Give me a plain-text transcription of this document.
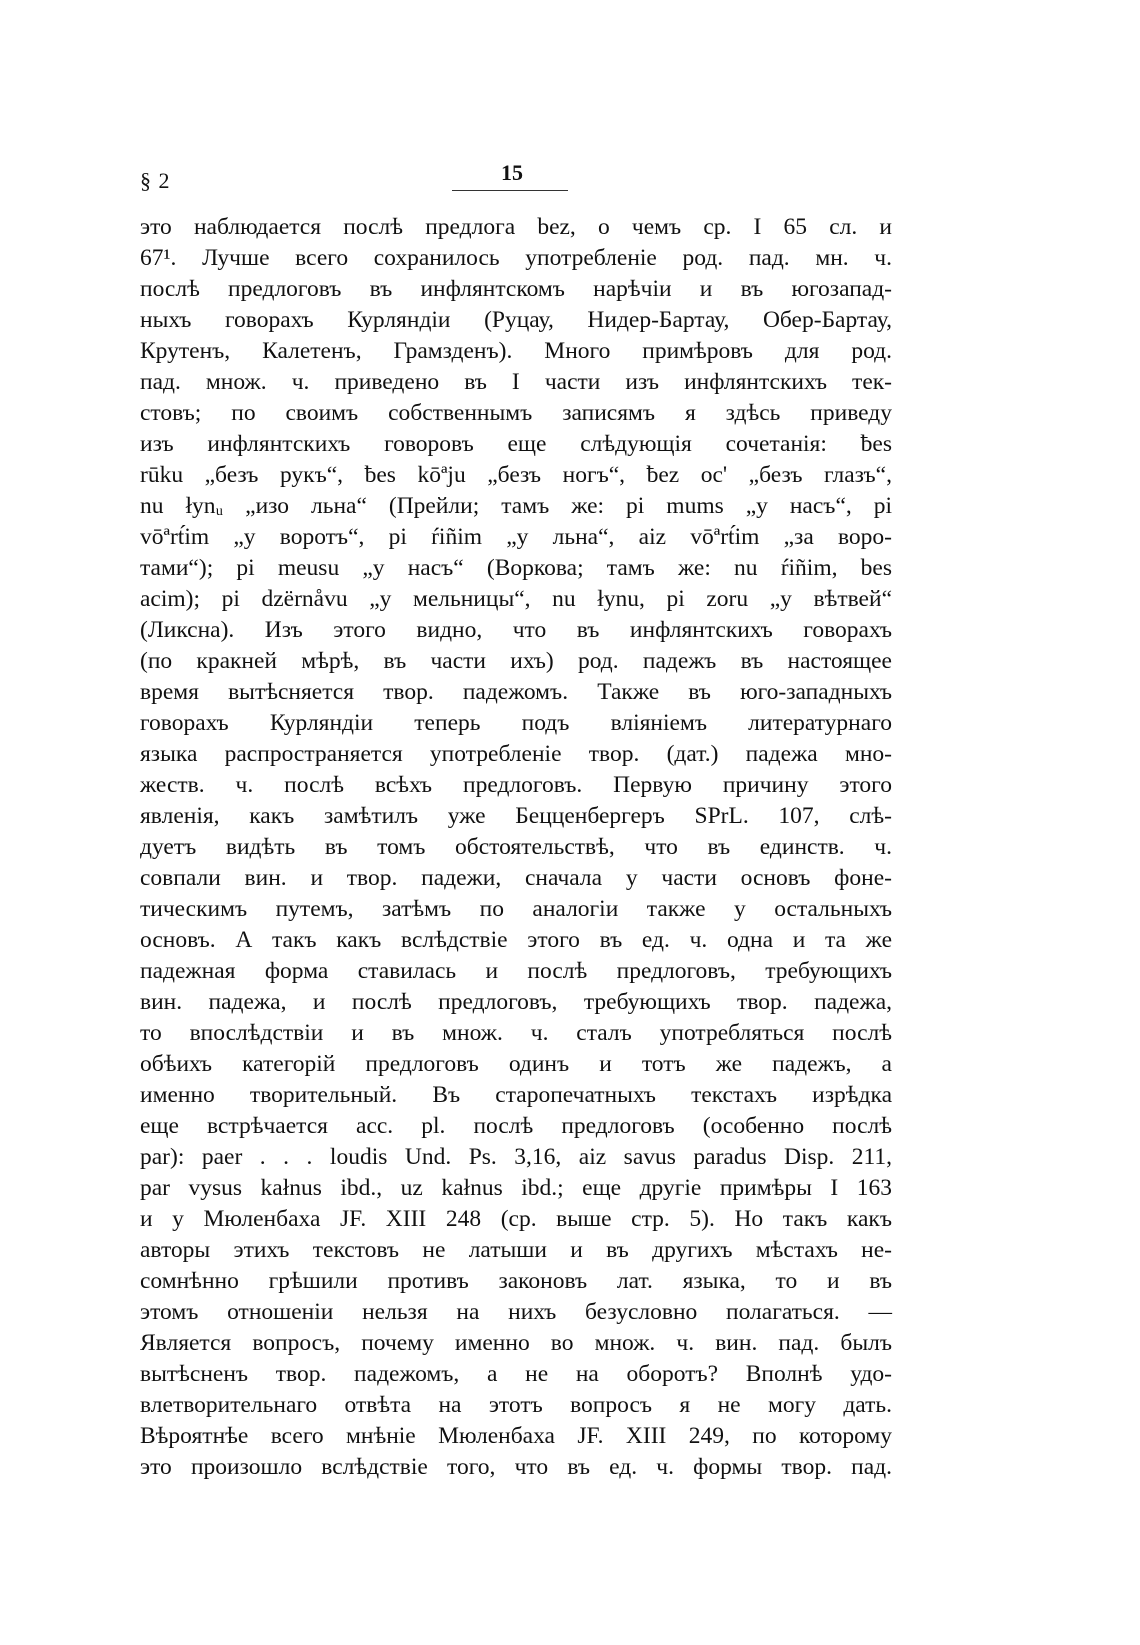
§ 2	15
это наблюдается послѣ предлога bez, о чемъ ср. I 65 сл. и
67¹. Лучше всего сохранилось употребленіе род. пад. мн. ч.
послѣ предлоговъ въ инфлянтскомъ нарѣчіи и въ югозапад-
ныхъ говорахъ Курляндіи (Руцау, Нидер-Бартау, Обер-Бартау,
Крутенъ, Калетенъ, Грамзденъ). Много примѣровъ для род.
пад. множ. ч. приведено въ I части изъ инфлянтскихъ тек-
стовъ; по своимъ собственнымъ записямъ я здѣсь приведу
изъ инфлянтскихъ говоровъ еще слѣдующія сочетанія: ƀes
rūku „безъ рукъ“, ƀes kōªju „безъ ногъ“, ƀez oc' „безъ глазъ“,
nu łynᵤ „изо льна“ (Прейли; тамъ же: pi mums „у насъ“, pi
vōªrt́im „у воротъ“, pi ŕiñim „у льна“, aiz vōªrt́im „за воро-
тами“); pi meusu „у насъ“ (Воркова; тамъ же: nu ŕiñim, bes
acim); pi dzërnåvu „у мельницы“, nu łynu, pi zoru „у вѣтвей“
(Ликсна). Изъ этого видно, что въ инфлянтскихъ говорахъ
(по кракней мѣрѣ, въ части ихъ) род. падежъ въ настоящее
время вытѣсняется твор. падежомъ. Также въ юго-западныхъ
говорахъ Курляндіи теперь подъ вліяніемъ литературнаго
языка распространяется употребленіе твор. (дат.) падежа мно-
жеств. ч. послѣ всѣхъ предлоговъ. Первую причину этого
явленія, какъ замѣтилъ уже Бецценбергеръ SPrL. 107, слѣ-
дуетъ видѣть въ томъ обстоятельствѣ, что въ единств. ч.
совпали вин. и твор. падежи, сначала у части основъ фоне-
тическимъ путемъ, затѣмъ по аналогіи также у остальныхъ
основъ. А такъ какъ вслѣдствіе этого въ ед. ч. одна и та же
падежная форма ставилась и послѣ предлоговъ, требующихъ
вин. падежа, и послѣ предлоговъ, требующихъ твор. падежа,
то впослѣдствіи и въ множ. ч. сталъ употребляться послѣ
обѣихъ категорій предлоговъ одинъ и тотъ же падежъ, а
именно творительный. Въ старопечатныхъ текстахъ изрѣдка
еще встрѣчается acc. pl. послѣ предлоговъ (особенно послѣ
par): paer . . . loudis Und. Ps. 3,16, aiz savus paradus Disp. 211,
par vysus kałnus ibd., uz kałnus ibd.; еще другіе примѣры I 163
и у Мюленбаха JF. XIII 248 (ср. выше стр. 5). Но такъ какъ
авторы этихъ текстовъ не латыши и въ другихъ мѣстахъ не-
сомнѣнно грѣшили противъ законовъ лат. языка, то и въ
этомъ отношеніи нельзя на нихъ безусловно полагаться. —
Является вопросъ, почему именно во множ. ч. вин. пад. былъ
вытѣсненъ твор. падежомъ, а не на оборотъ? Вполнѣ удо-
влетворительнаго отвѣта на этотъ вопросъ я не могу дать.
Вѣроятнѣе всего мнѣніе Мюленбаха JF. XIII 249, по которому
это произошло вслѣдствіе того, что въ ед. ч. формы твор. пад.
